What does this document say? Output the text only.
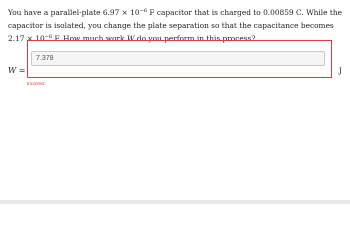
You have a parallel-plate $6.97 \times 10^{-6}$ F capacitor that is charged to 0.00859 C. While the capacitor is isolated, you change the plate separation so that the capacitance becomes $2.17 \times 10^{-6}$ F. How much work W do you perform in this process?

W =
7.378	J
Incorrect
